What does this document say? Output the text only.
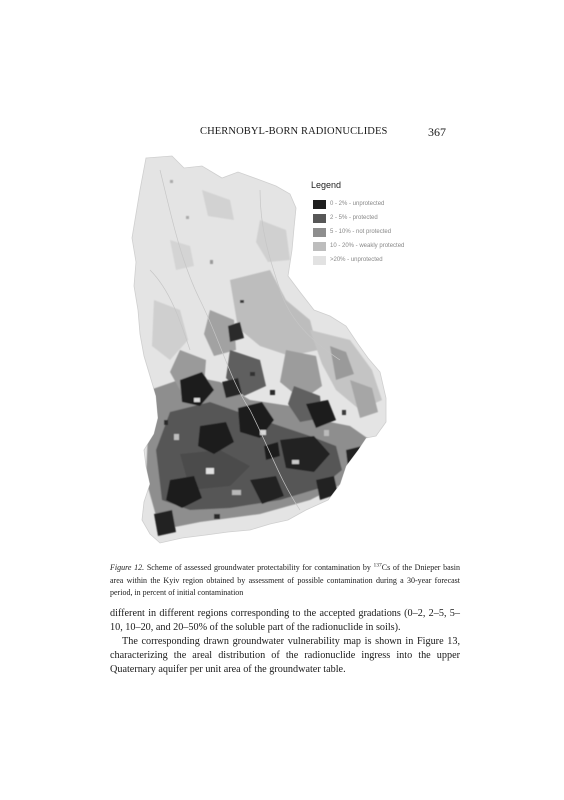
CHERNOBYL-BORN RADIONUCLIDES	367
Legend
0 - 2% - unprotected
2 - 5% - protected
5 - 10% - not protected
10 - 20% - weakly protected
>20% - unprotected
Figure 12. Scheme of assessed groundwater protectability for contamination by $^{137}$Cs of the Dnieper basin area within the Kyiv region obtained by assessment of possible contamination during a 30-year forecast period, in percent of initial contamination

different in different regions corresponding to the accepted gradations (0–2, 2–5, 5–10, 10–20, and 20–50% of the soluble part of the radionuclide in soils).

The corresponding drawn groundwater vulnerability map is shown in Figure 13, characterizing the areal distribution of the radionuclide ingress into the upper Quaternary aquifer per unit area of the groundwater table.
